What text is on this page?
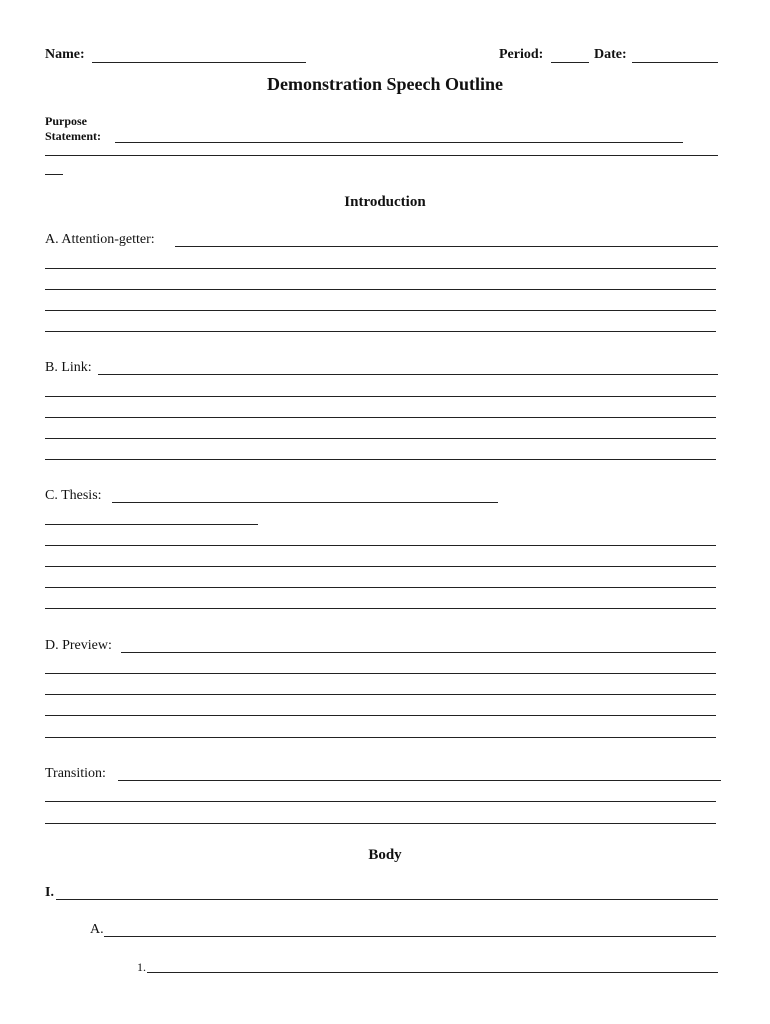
Name:	Period:	Date:
Demonstration Speech Outline
Purpose
Statement:
Introduction
A. Attention-getter:
B. Link:
C. Thesis:
D. Preview:
Transition:
Body
I.
A.
1.
